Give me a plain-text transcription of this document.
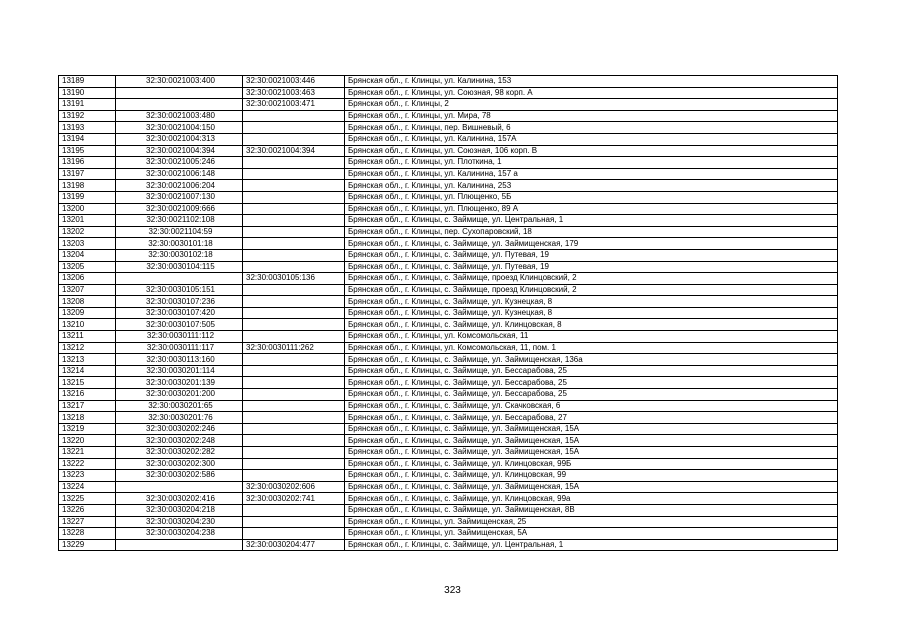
13189	32:30:0021003:400	32:30:0021003:446	Брянская обл., г. Клинцы, ул. Калинина, 153
13190		32:30:0021003:463	Брянская обл., г. Клинцы, ул. Союзная, 98 корп. А
13191		32:30:0021003:471	Брянская обл., г. Клинцы, 2
13192	32:30:0021003:480		Брянская обл., г. Клинцы, ул. Мира, 78
13193	32:30:0021004:150		Брянская обл., г. Клинцы, пер. Вишневый, 6
13194	32:30:0021004:313		Брянская обл., г. Клинцы, ул. Калинина, 157А
13195	32:30:0021004:394	32:30:0021004:394	Брянская обл., г. Клинцы, ул. Союзная, 106 корп. В
13196	32:30:0021005:246		Брянская обл., г. Клинцы, ул. Плоткина, 1
13197	32:30:0021006:148		Брянская обл., г. Клинцы, ул. Калинина, 157 а
13198	32:30:0021006:204		Брянская обл., г. Клинцы, ул. Калинина, 253
13199	32:30:0021007:130		Брянская обл., г. Клинцы, ул. Плющенко, 5Б
13200	32:30:0021009:666		Брянская обл., г. Клинцы, ул. Плющенко, 89 А
13201	32:30:0021102:108		Брянская обл., г. Клинцы, с. Займище, ул. Центральная, 1
13202	32:30:0021104:59		Брянская обл., г. Клинцы, пер. Сухопаровский, 18
13203	32:30:0030101:18		Брянская обл., г. Клинцы, с. Займище, ул. Займищенская, 179
13204	32:30:0030102:18		Брянская обл., г. Клинцы, с. Займище, ул. Путевая, 19
13205	32:30:0030104:115		Брянская обл., г. Клинцы, с. Займище, ул. Путевая, 19
13206		32:30:0030105:136	Брянская обл., г. Клинцы, с. Займище, проезд Клинцовский, 2
13207	32:30:0030105:151		Брянская обл., г. Клинцы, с. Займище, проезд Клинцовский, 2
13208	32:30:0030107:236		Брянская обл., г. Клинцы, с. Займище, ул. Кузнецкая, 8
13209	32:30:0030107:420		Брянская обл., г. Клинцы, с. Займище, ул. Кузнецкая, 8
13210	32:30:0030107:505		Брянская обл., г. Клинцы, с. Займище, ул. Клинцовская, 8
13211	32:30:0030111:112		Брянская обл., г. Клинцы, ул. Комсомольская, 11
13212	32:30:0030111:117	32:30:0030111:262	Брянская обл., г. Клинцы, ул. Комсомольская, 11, пом. 1
13213	32:30:0030113:160		Брянская обл., г. Клинцы, с. Займище, ул. Займищенская, 136а
13214	32:30:0030201:114		Брянская обл., г. Клинцы, с. Займище, ул. Бессарабова, 25
13215	32:30:0030201:139		Брянская обл., г. Клинцы, с. Займище, ул. Бессарабова, 25
13216	32:30:0030201:200		Брянская обл., г. Клинцы, с. Займище, ул. Бессарабова, 25
13217	32:30:0030201:65		Брянская обл., г. Клинцы, с. Займище, ул. Скачковская, 6
13218	32:30:0030201:76		Брянская обл., г. Клинцы, с. Займище, ул. Бессарабова, 27
13219	32:30:0030202:246		Брянская обл., г. Клинцы, с. Займище, ул. Займищенская, 15А
13220	32:30:0030202:248		Брянская обл., г. Клинцы, с. Займище, ул. Займищенская, 15А
13221	32:30:0030202:282		Брянская обл., г. Клинцы, с. Займище, ул. Займищенская, 15А
13222	32:30:0030202:300		Брянская обл., г. Клинцы, с. Займище, ул. Клинцовская, 99Б
13223	32:30:0030202:586		Брянская обл., г. Клинцы, с. Займище, ул. Клинцовская, 99
13224		32:30:0030202:606	Брянская обл., г. Клинцы, с. Займище, ул. Займищенская, 15А
13225	32:30:0030202:416	32:30:0030202:741	Брянская обл., г. Клинцы, с. Займище, ул. Клинцовская, 99а
13226	32:30:0030204:218		Брянская обл., г. Клинцы, с. Займище, ул. Займищенская, 8В
13227	32:30:0030204:230		Брянская обл., г. Клинцы, ул. Займищенская, 25
13228	32:30:0030204:238		Брянская обл., г. Клинцы, ул. Займищенская, 5А
13229		32:30:0030204:477	Брянская обл., г. Клинцы, с. Займище, ул. Центральная, 1
323
